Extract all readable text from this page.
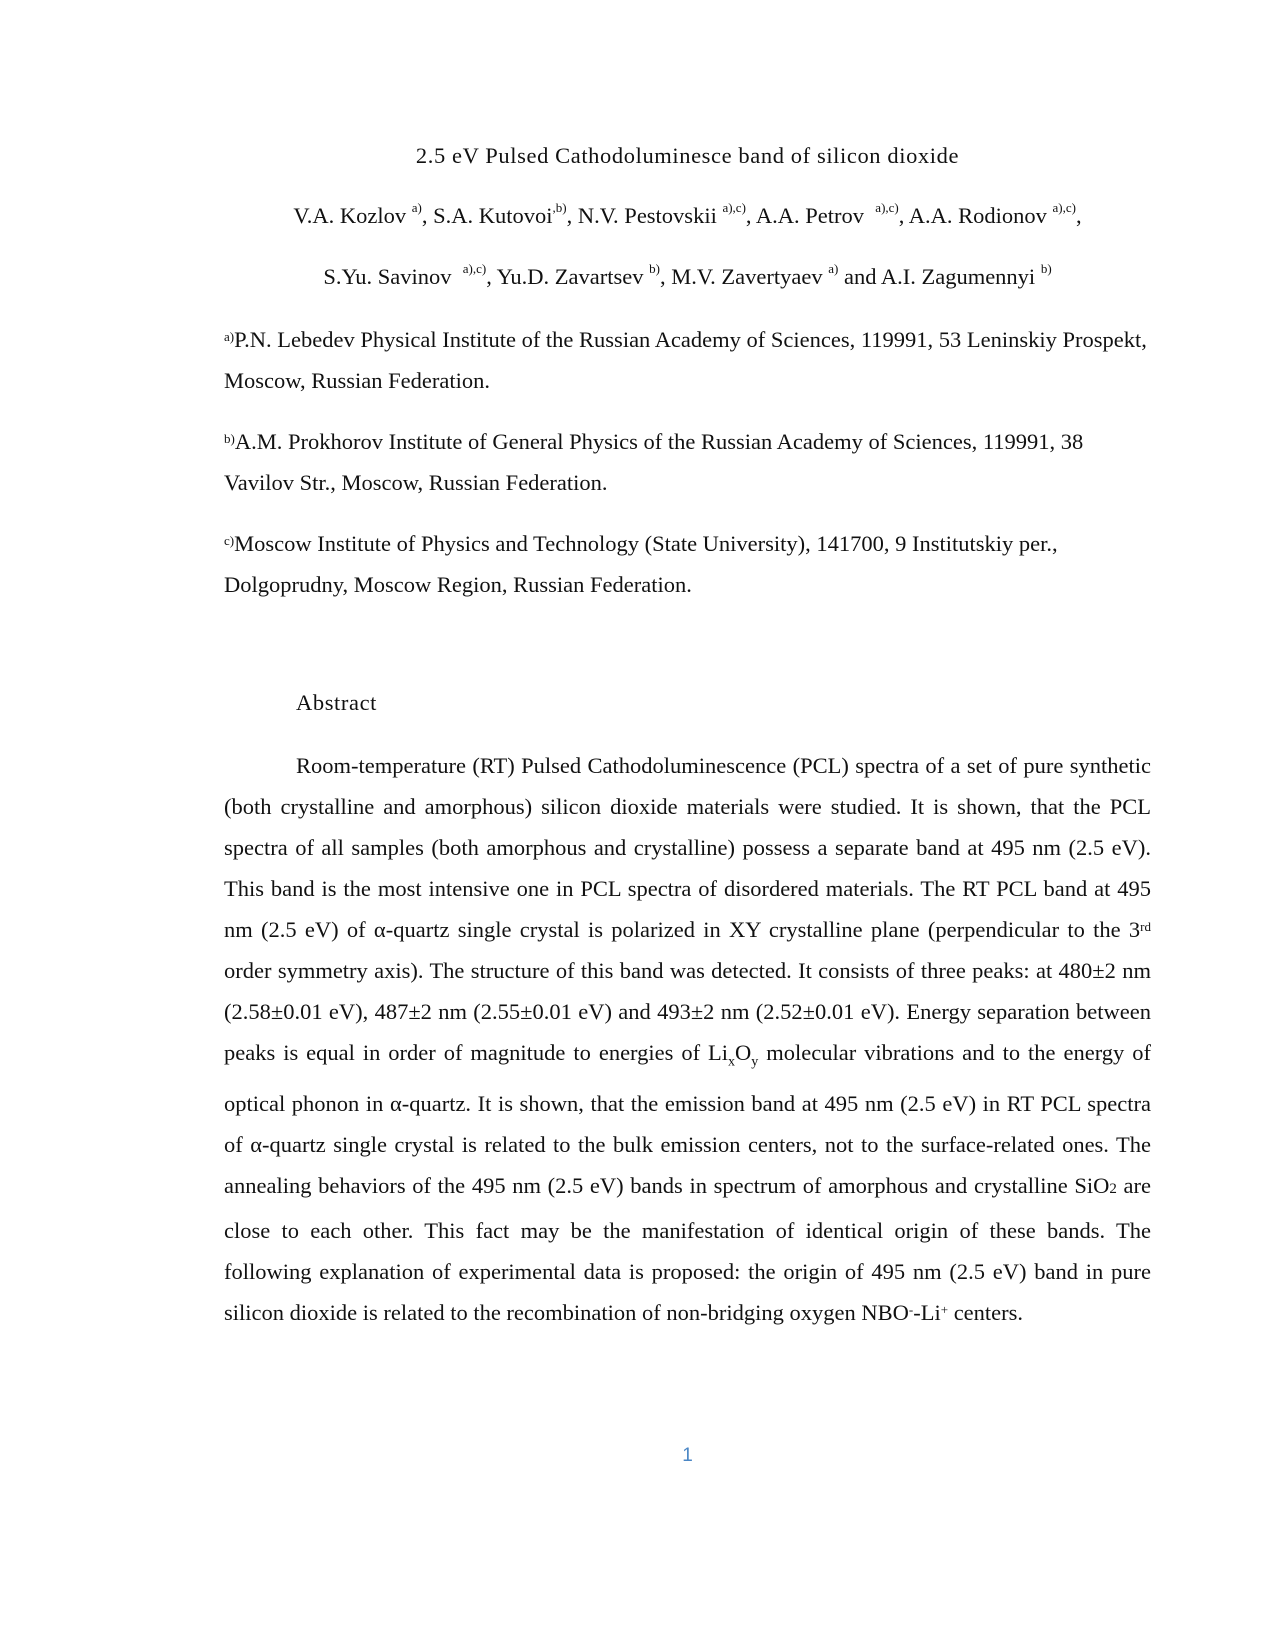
2.5 eV Pulsed Cathodoluminesce band of silicon dioxide
V.A. Kozlov $^{a)}$, S.A. Kutovoi$^{,b)}$, N.V. Pestovskii $^{a),c)}$, A.A. Petrov  $^{a),c)}$, A.A. Rodionov $^{a),c)}$,
S.Yu. Savinov  $^{a),c)}$, Yu.D. Zavartsev $^{b)}$, M.V. Zavertyaev $^{a)}$ and A.I. Zagumennyi $^{b)}$
$^{a)}$P.N. Lebedev Physical Institute of the Russian Academy of Sciences, 119991, 53 Leninskiy Prospekt, Moscow, Russian Federation.
$^{b)}$A.M. Prokhorov Institute of General Physics of the Russian Academy of Sciences, 119991, 38 Vavilov Str., Moscow, Russian Federation.
$^{c)}$Moscow Institute of Physics and Technology (State University), 141700, 9 Institutskiy per., Dolgoprudny, Moscow Region, Russian Federation.
Abstract
Room-temperature (RT) Pulsed Cathodoluminescence (PCL) spectra of a set of pure synthetic (both crystalline and amorphous) silicon dioxide materials were studied. It is shown, that the PCL spectra of all samples (both amorphous and crystalline) possess a separate band at 495 nm (2.5 eV). This band is the most intensive one in PCL spectra of disordered materials. The RT PCL band at 495 nm (2.5 eV) of α-quartz single crystal is polarized in XY crystalline plane (perpendicular to the 3rd order symmetry axis). The structure of this band was detected. It consists of three peaks: at 480±2 nm (2.58±0.01 eV), 487±2 nm (2.55±0.01 eV) and 493±2 nm (2.52±0.01 eV). Energy separation between peaks is equal in order of magnitude to energies of $Li_xO_y$ molecular vibrations and to the energy of optical phonon in α-quartz. It is shown, that the emission band at 495 nm (2.5 eV) in RT PCL spectra of α-quartz single crystal is related to the bulk emission centers, not to the surface-related ones. The annealing behaviors of the 495 nm (2.5 eV) bands in spectrum of amorphous and crystalline SiO2 are close to each other. This fact may be the manifestation of identical origin of these bands. The following explanation of experimental data is proposed: the origin of 495 nm (2.5 eV) band in pure silicon dioxide is related to the recombination of non-bridging oxygen NBO--Li+ centers.
1
